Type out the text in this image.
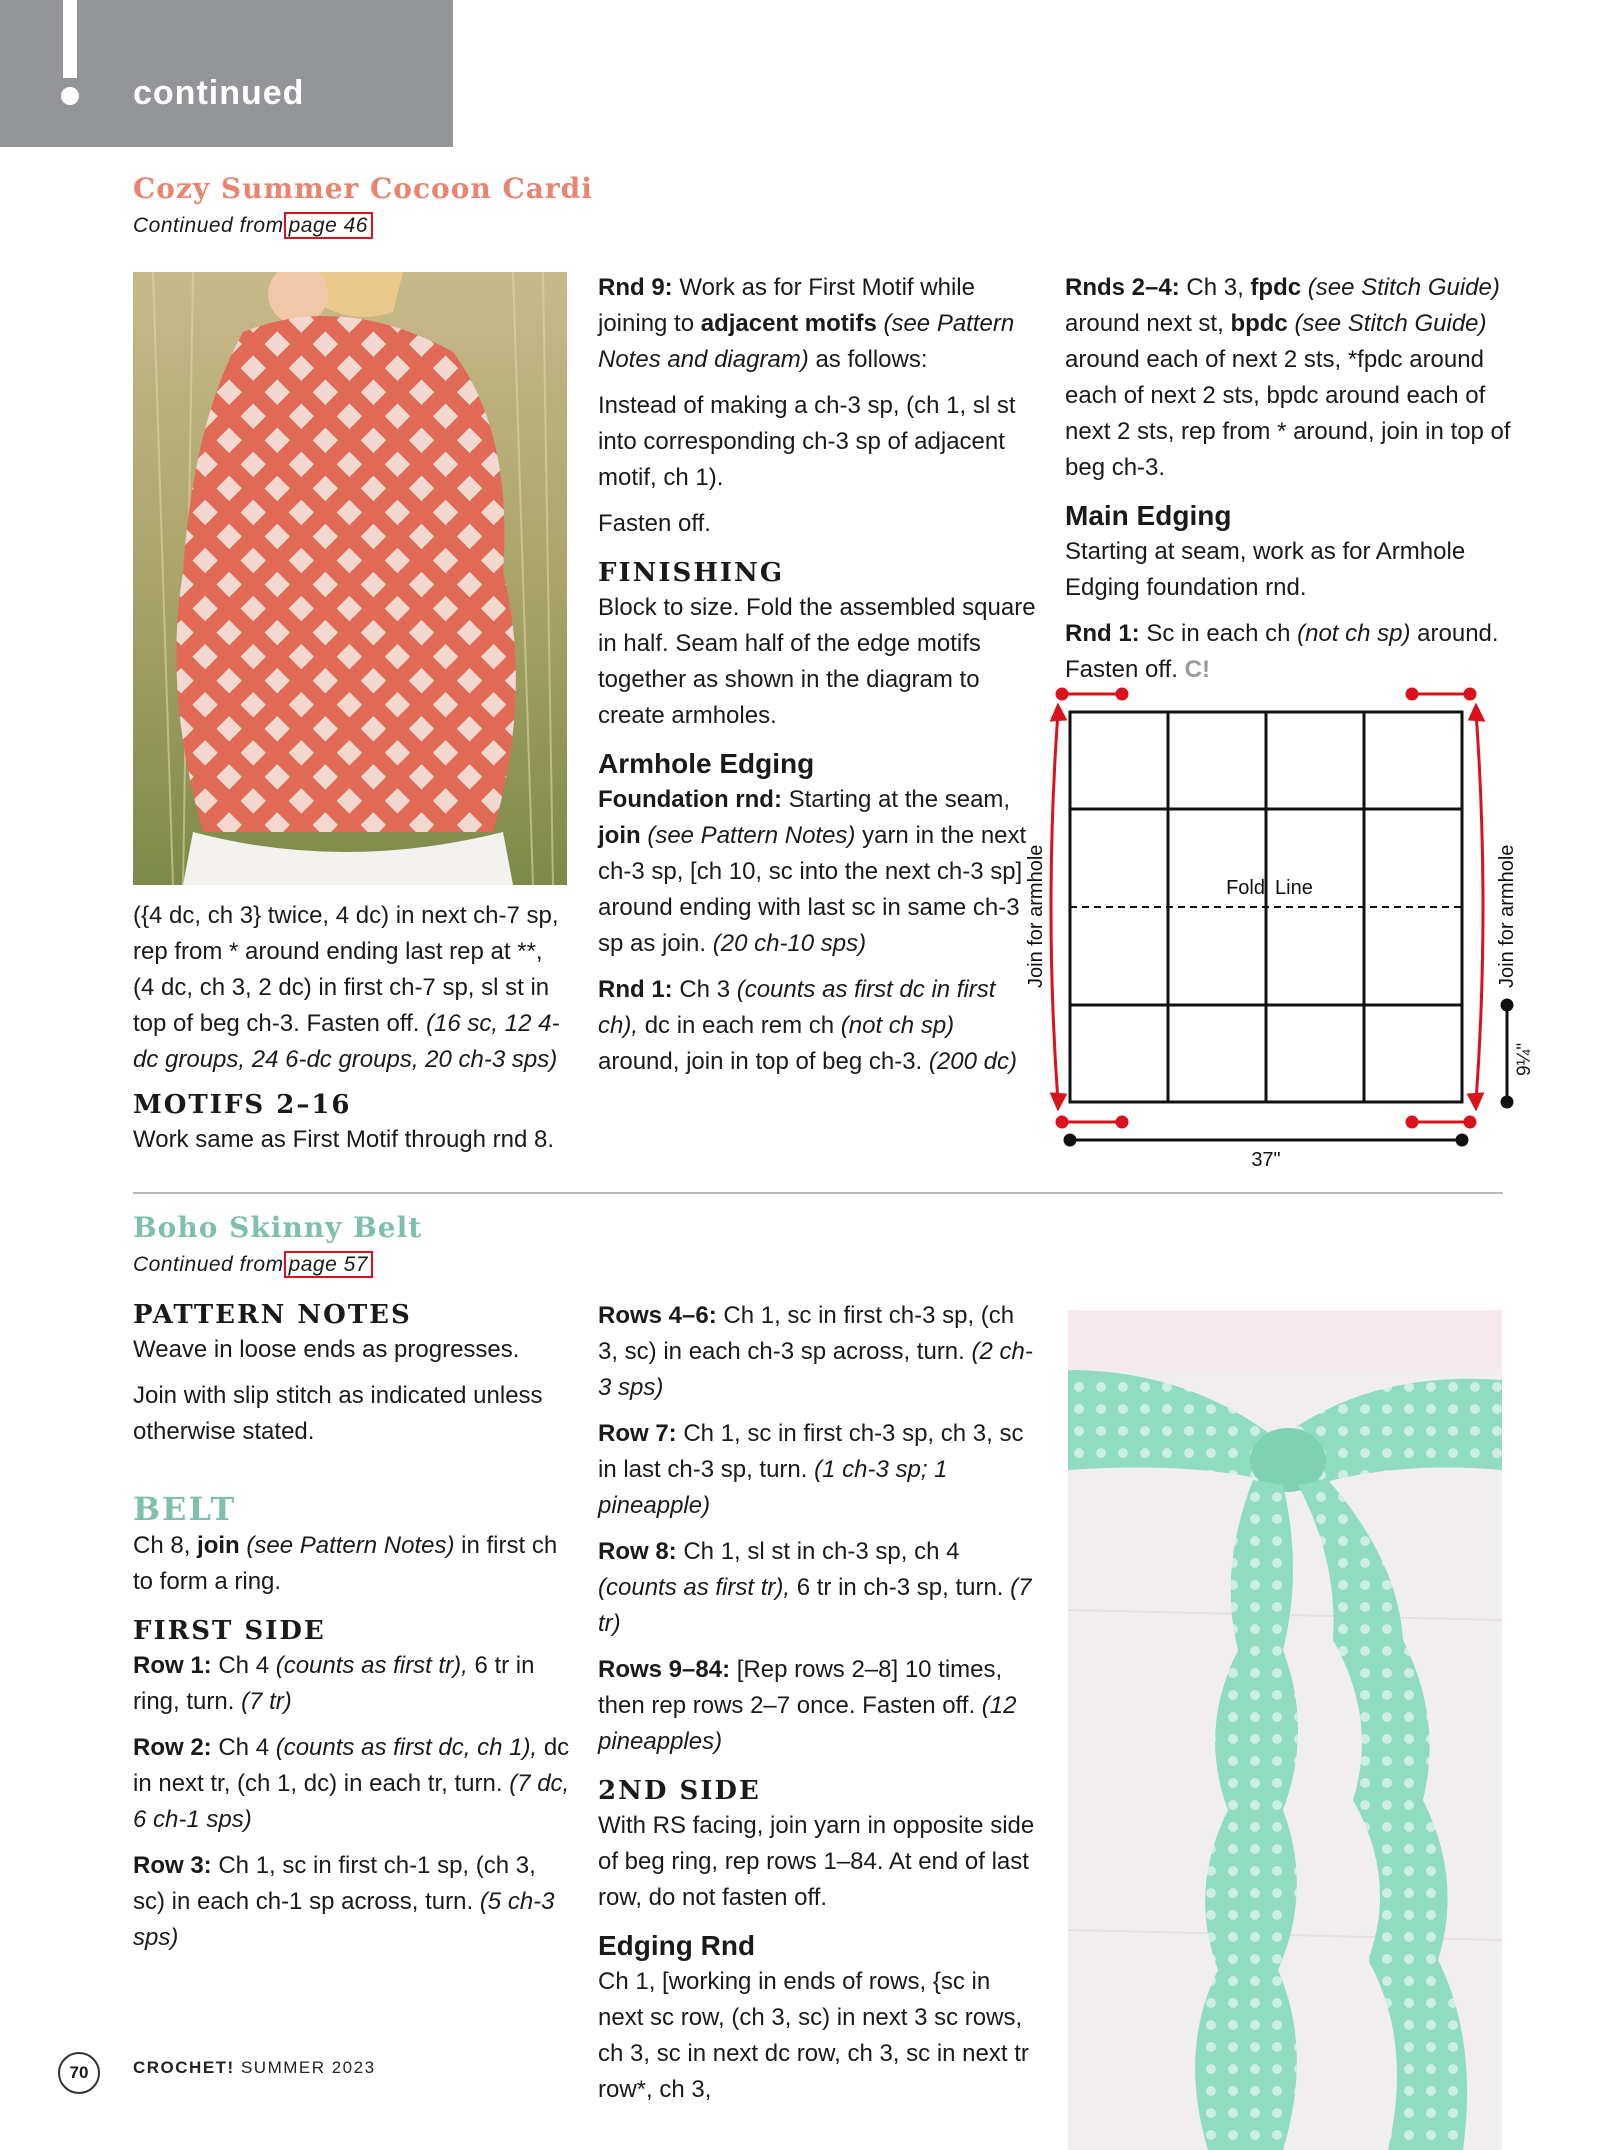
continued
Cozy Summer Cocoon Cardi
Continued from page 46

({4 dc, ch 3} twice, 4 dc) in next ch-7 sp, rep from * around ending last rep at **, (4 dc, ch 3, 2 dc) in first ch-7 sp, sl st in top of beg ch-3. Fasten off. (16 sc, 12 4-dc groups, 24 6-dc groups, 20 ch-3 sps)

MOTIFS 2–16

Work same as First Motif through rnd 8.

Rnd 9: Work as for First Motif while joining to adjacent motifs (see Pattern Notes and diagram) as follows:

Instead of making a ch-3 sp, (ch 1, sl st into corresponding ch-3 sp of adjacent motif, ch 1).

Fasten off.

FINISHING

Block to size. Fold the assembled square in half. Seam half of the edge motifs together as shown in the diagram to create armholes.

Armhole Edging

Foundation rnd: Starting at the seam, join (see Pattern Notes) yarn in the next ch-3 sp, [ch 10, sc into the next ch-3 sp] around ending with last sc in same ch-3 sp as join. (20 ch-10 sps)

Rnd 1: Ch 3 (counts as first dc in first ch), dc in each rem ch (not ch sp) around, join in top of beg ch-3. (200 dc)

Rnds 2–4: Ch 3, fpdc (see Stitch Guide) around next st, bpdc (see Stitch Guide) around each of next 2 sts, *fpdc around each of next 2 sts, bpdc around each of next 2 sts, rep from * around, join in top of beg ch-3.

Main Edging

Starting at seam, work as for Armhole Edging foundation rnd.

Rnd 1: Sc in each ch (not ch sp) around. Fasten off. C!

Fold Line
Join for armhole	Join for armhole
37"
9¼"
Boho Skinny Belt
Continued from page 57
PATTERN NOTES

Weave in loose ends as progresses.

Join with slip stitch as indicated unless otherwise stated.

BELT

Ch 8, join (see Pattern Notes) in first ch to form a ring.

FIRST SIDE

Row 1: Ch 4 (counts as first tr), 6 tr in ring, turn. (7 tr)

Row 2: Ch 4 (counts as first dc, ch 1), dc in next tr, (ch 1, dc) in each tr, turn. (7 dc, 6 ch-1 sps)

Row 3: Ch 1, sc in first ch-1 sp, (ch 3, sc) in each ch-1 sp across, turn. (5 ch-3 sps)

Rows 4–6: Ch 1, sc in first ch-3 sp, (ch 3, sc) in each ch-3 sp across, turn. (2 ch-3 sps)

Row 7: Ch 1, sc in first ch-3 sp, ch 3, sc in last ch-3 sp, turn. (1 ch-3 sp; 1 pineapple)

Row 8: Ch 1, sl st in ch-3 sp, ch 4 (counts as first tr), 6 tr in ch-3 sp, turn. (7 tr)

Rows 9–84: [Rep rows 2–8] 10 times, then rep rows 2–7 once. Fasten off. (12 pineapples)

2ND SIDE

With RS facing, join yarn in opposite side of beg ring, rep rows 1–84. At end of last row, do not fasten off.

Edging Rnd

Ch 1, [working in ends of rows, {sc in next sc row, (ch 3, sc) in next 3 sc rows, ch 3, sc in next dc row, ch 3, sc in next tr row*, ch 3,

70	CROCHET! SUMMER 2023
